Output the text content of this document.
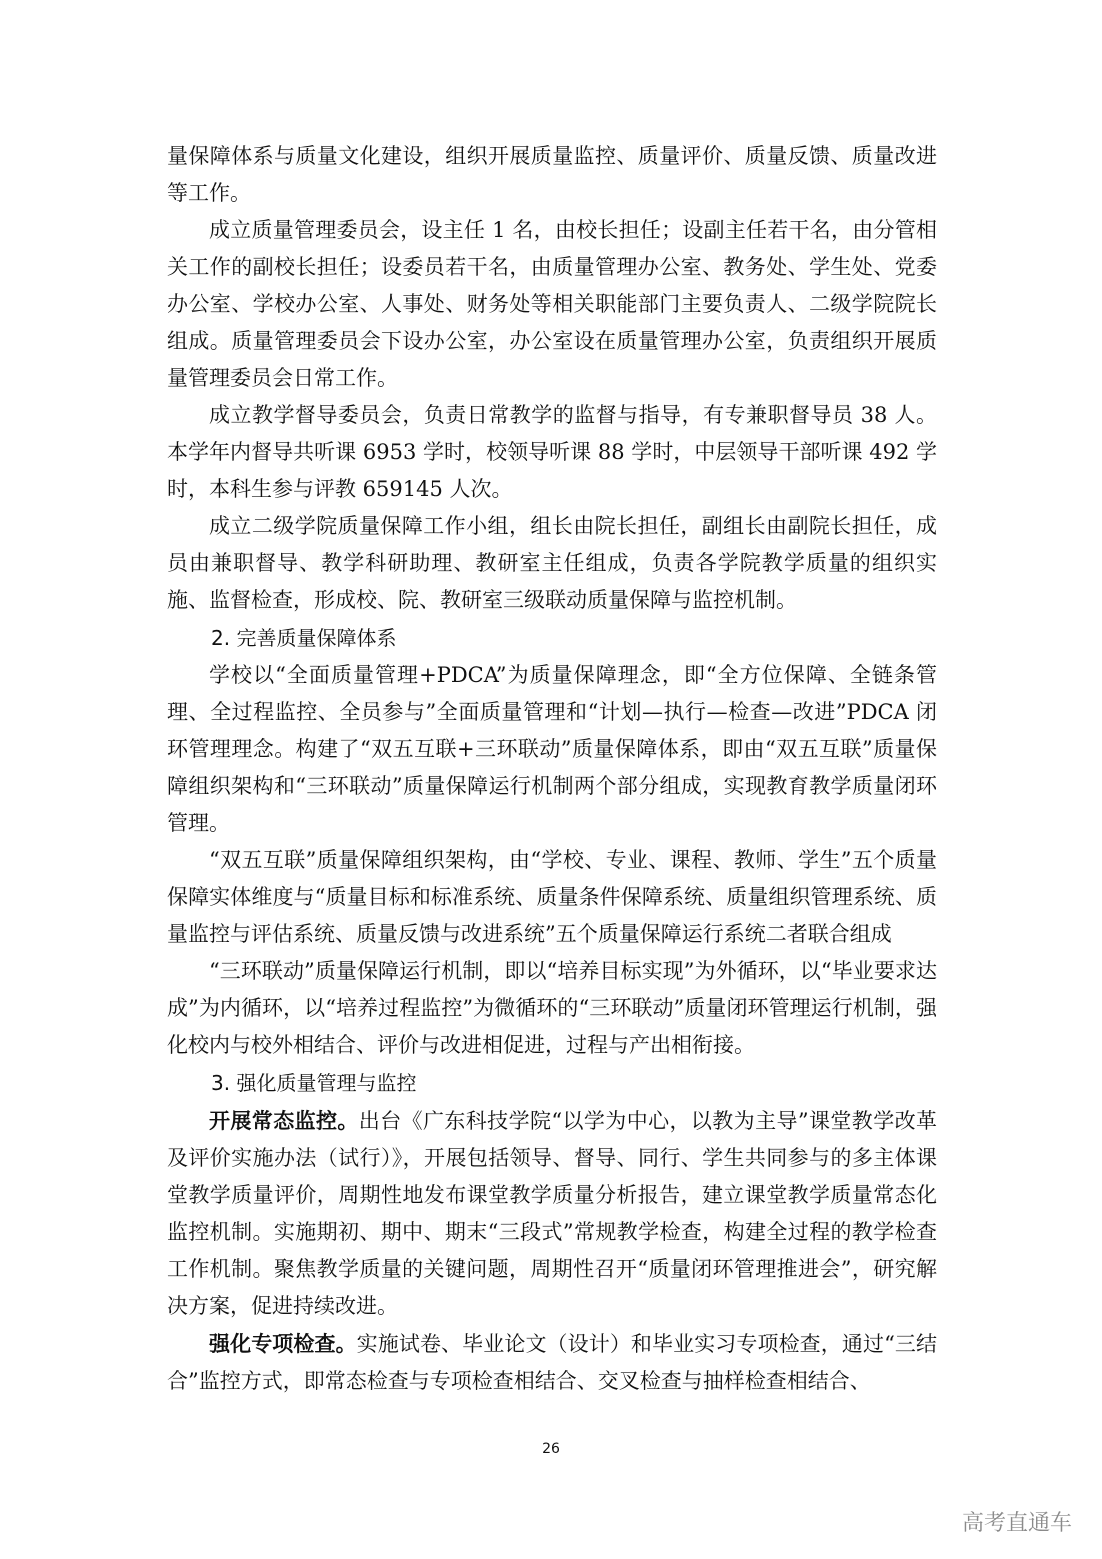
量保障体系与质量文化建设，组织开展质量监控、质量评价、质量反馈、质量改进等工作。

成立质量管理委员会，设主任 1 名，由校长担任；设副主任若干名，由分管相关工作的副校长担任；设委员若干名，由质量管理办公室、教务处、学生处、党委办公室、学校办公室、人事处、财务处等相关职能部门主要负责人、二级学院院长组成。质量管理委员会下设办公室，办公室设在质量管理办公室，负责组织开展质量管理委员会日常工作。

成立教学督导委员会，负责日常教学的监督与指导，有专兼职督导员 38 人。本学年内督导共听课 6953 学时，校领导听课 88 学时，中层领导干部听课 492 学时，本科生参与评教 659145 人次。

成立二级学院质量保障工作小组，组长由院长担任，副组长由副院长担任，成员由兼职督导、教学科研助理、教研室主任组成，负责各学院教学质量的组织实施、监督检查，形成校、院、教研室三级联动质量保障与监控机制。

2. 完善质量保障体系

学校以“全面质量管理+PDCA”为质量保障理念，即“全方位保障、全链条管理、全过程监控、全员参与”全面质量管理和“计划—执行—检查—改进”PDCA 闭环管理理念。构建了“双五互联+三环联动”质量保障体系，即由“双五互联”质量保障组织架构和“三环联动”质量保障运行机制两个部分组成，实现教育教学质量闭环管理。

“双五互联”质量保障组织架构，由“学校、专业、课程、教师、学生”五个质量保障实体维度与“质量目标和标准系统、质量条件保障系统、质量组织管理系统、质量监控与评估系统、质量反馈与改进系统”五个质量保障运行系统二者联合组成

“三环联动”质量保障运行机制，即以“培养目标实现”为外循环，以“毕业要求达成”为内循环，以“培养过程监控”为微循环的“三环联动”质量闭环管理运行机制，强化校内与校外相结合、评价与改进相促进，过程与产出相衔接。

3. 强化质量管理与监控

开展常态监控。出台《广东科技学院“以学为中心，以教为主导”课堂教学改革及评价实施办法（试行）》，开展包括领导、督导、同行、学生共同参与的多主体课堂教学质量评价，周期性地发布课堂教学质量分析报告，建立课堂教学质量常态化监控机制。实施期初、期中、期末“三段式”常规教学检查，构建全过程的教学检查工作机制。聚焦教学质量的关键问题，周期性召开“质量闭环管理推进会”，研究解决方案，促进持续改进。

强化专项检查。实施试卷、毕业论文（设计）和毕业实习专项检查，通过“三结合”监控方式，即常态检查与专项检查相结合、交叉检查与抽样检查相结合、

26
高考直通车
